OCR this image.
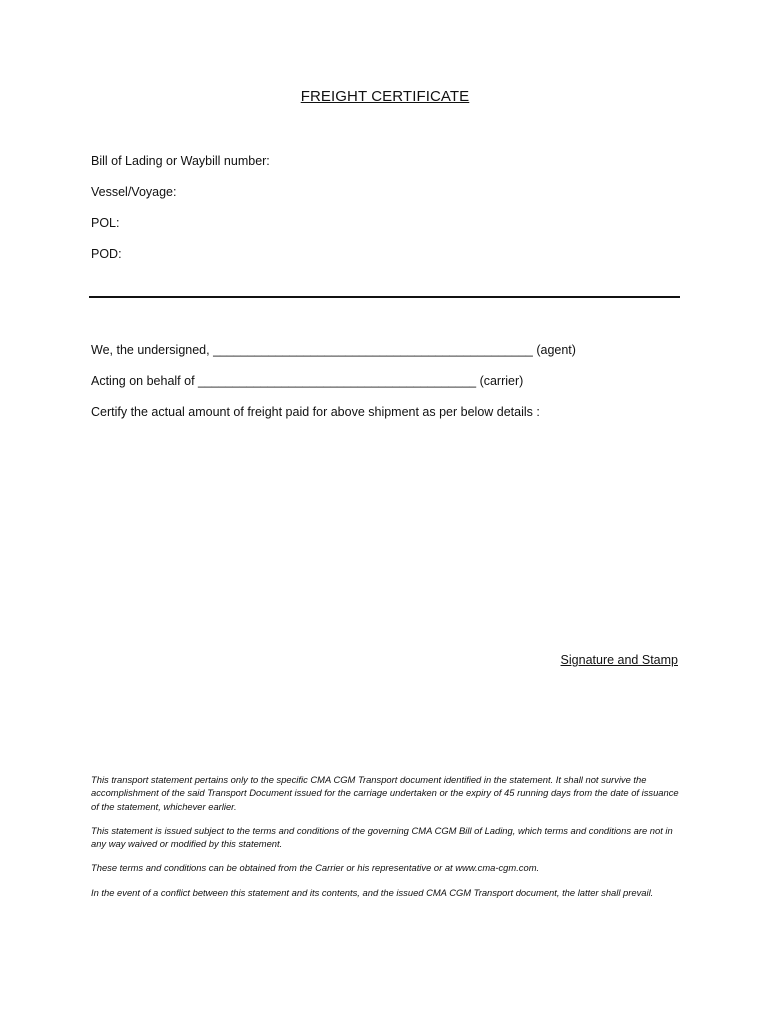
FREIGHT CERTIFICATE
Bill of Lading or Waybill number:
Vessel/Voyage:
POL:
POD:
We, the undersigned, ______________________________________________ (agent)
Acting on behalf of ________________________________________ (carrier)
Certify the actual amount of freight paid for above shipment as per below details :
Signature and Stamp

This transport statement pertains only to the specific CMA CGM Transport document identified in the statement. It shall not survive the accomplishment of the said Transport Document issued for the carriage undertaken or the expiry of 45 running days from the date of issuance of the statement, whichever earlier.

This statement is issued subject to the terms and conditions of the governing CMA CGM Bill of Lading, which terms and conditions are not in any way waived or modified by this statement.

These terms and conditions can be obtained from the Carrier or his representative or at www.cma-cgm.com.

In the event of a conflict between this statement and its contents, and the issued CMA CGM Transport document, the latter shall prevail.
